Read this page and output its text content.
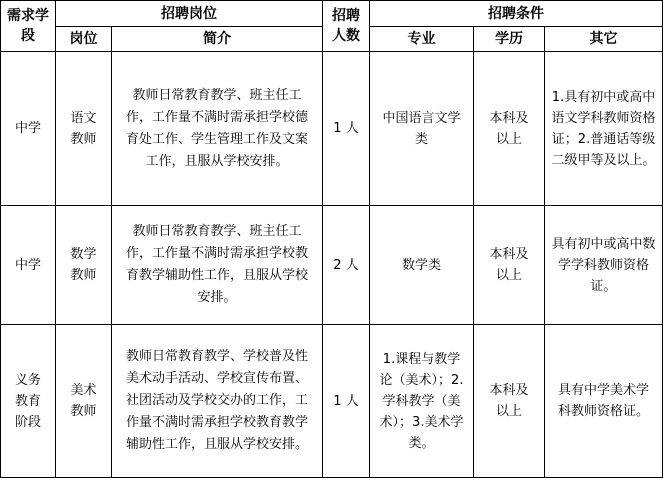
需求学段	招聘岗位		招聘人数	招聘条件		
	岗位	简介		专业	学历	其它
中学	语文教师	教师日常教育教学、班主任工作，工作量不满时需承担学校德育处工作、学生管理工作及文案工作，且服从学校安排。	1 人	中国语言文学类	本科及以上	1.具有初中或高中语文学科教师资格证；2.普通话等级二级甲等及以上。
中学	数学教师	教师日常教育教学、班主任工作，工作量不满时需承担学校教育教学辅助性工作，且服从学校安排。	2 人	数学类	本科及以上	具有初中或高中数学学科教师资格证。
义务教育阶段	美术教师	教师日常教育教学、学校普及性美术动手活动、学校宣传布置、社团活动及学校交办的工作，工作量不满时需承担学校教育教学辅助性工作，且服从学校安排。	1 人	1.课程与教学论（美术）；2.学科教学（美术）；3.美术学类。	本科及以上	具有中学美术学科教师资格证。
